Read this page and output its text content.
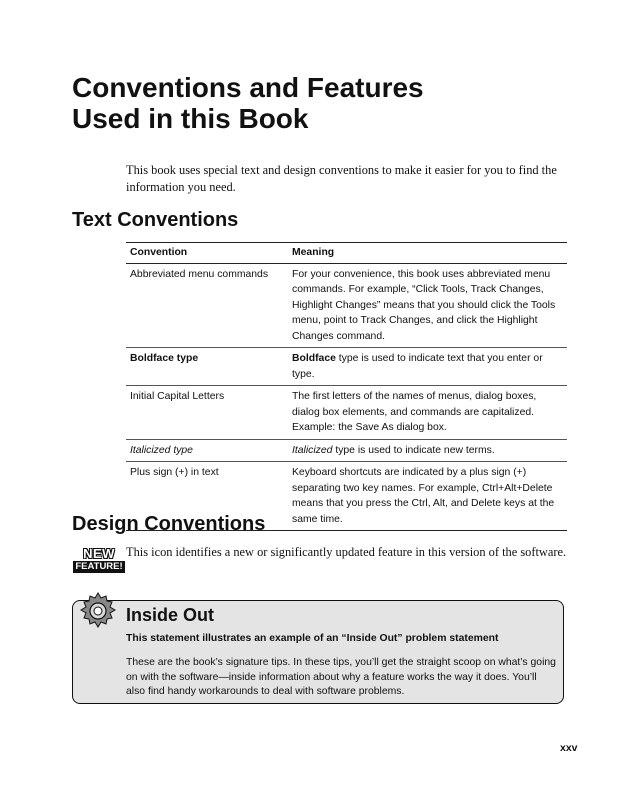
Conventions and Features
Used in this Book

This book uses special text and design conventions to make it easier for you to find the information you need.

Text Conventions
Convention	Meaning
Abbreviated menu commands	For your convenience, this book uses abbreviated menu commands. For example, “Click Tools, Track Changes, Highlight Changes” means that you should click the Tools menu, point to Track Changes, and click the Highlight Changes command.
Boldface type	Boldface type is used to indicate text that you enter or type.
Initial Capital Letters	The first letters of the names of menus, dialog boxes, dialog box elements, and commands are capitalized. Example: the Save As dialog box.
Italicized type	Italicized type is used to indicate new terms.
Plus sign (+) in text	Keyboard shortcuts are indicated by a plus sign (+) separating two key names. For example, Ctrl+Alt+Delete means that you press the Ctrl, Alt, and Delete keys at the same time.
Design Conventions
NEW
FEATURE!

This icon identifies a new or significantly updated feature in this version of the software.

Inside Out

This statement illustrates an example of an “Inside Out” problem statement

These are the book’s signature tips. In these tips, you’ll get the straight scoop on what’s going on with the software—inside information about why a feature works the way it does. You’ll also find handy workarounds to deal with software problems.

xxv
